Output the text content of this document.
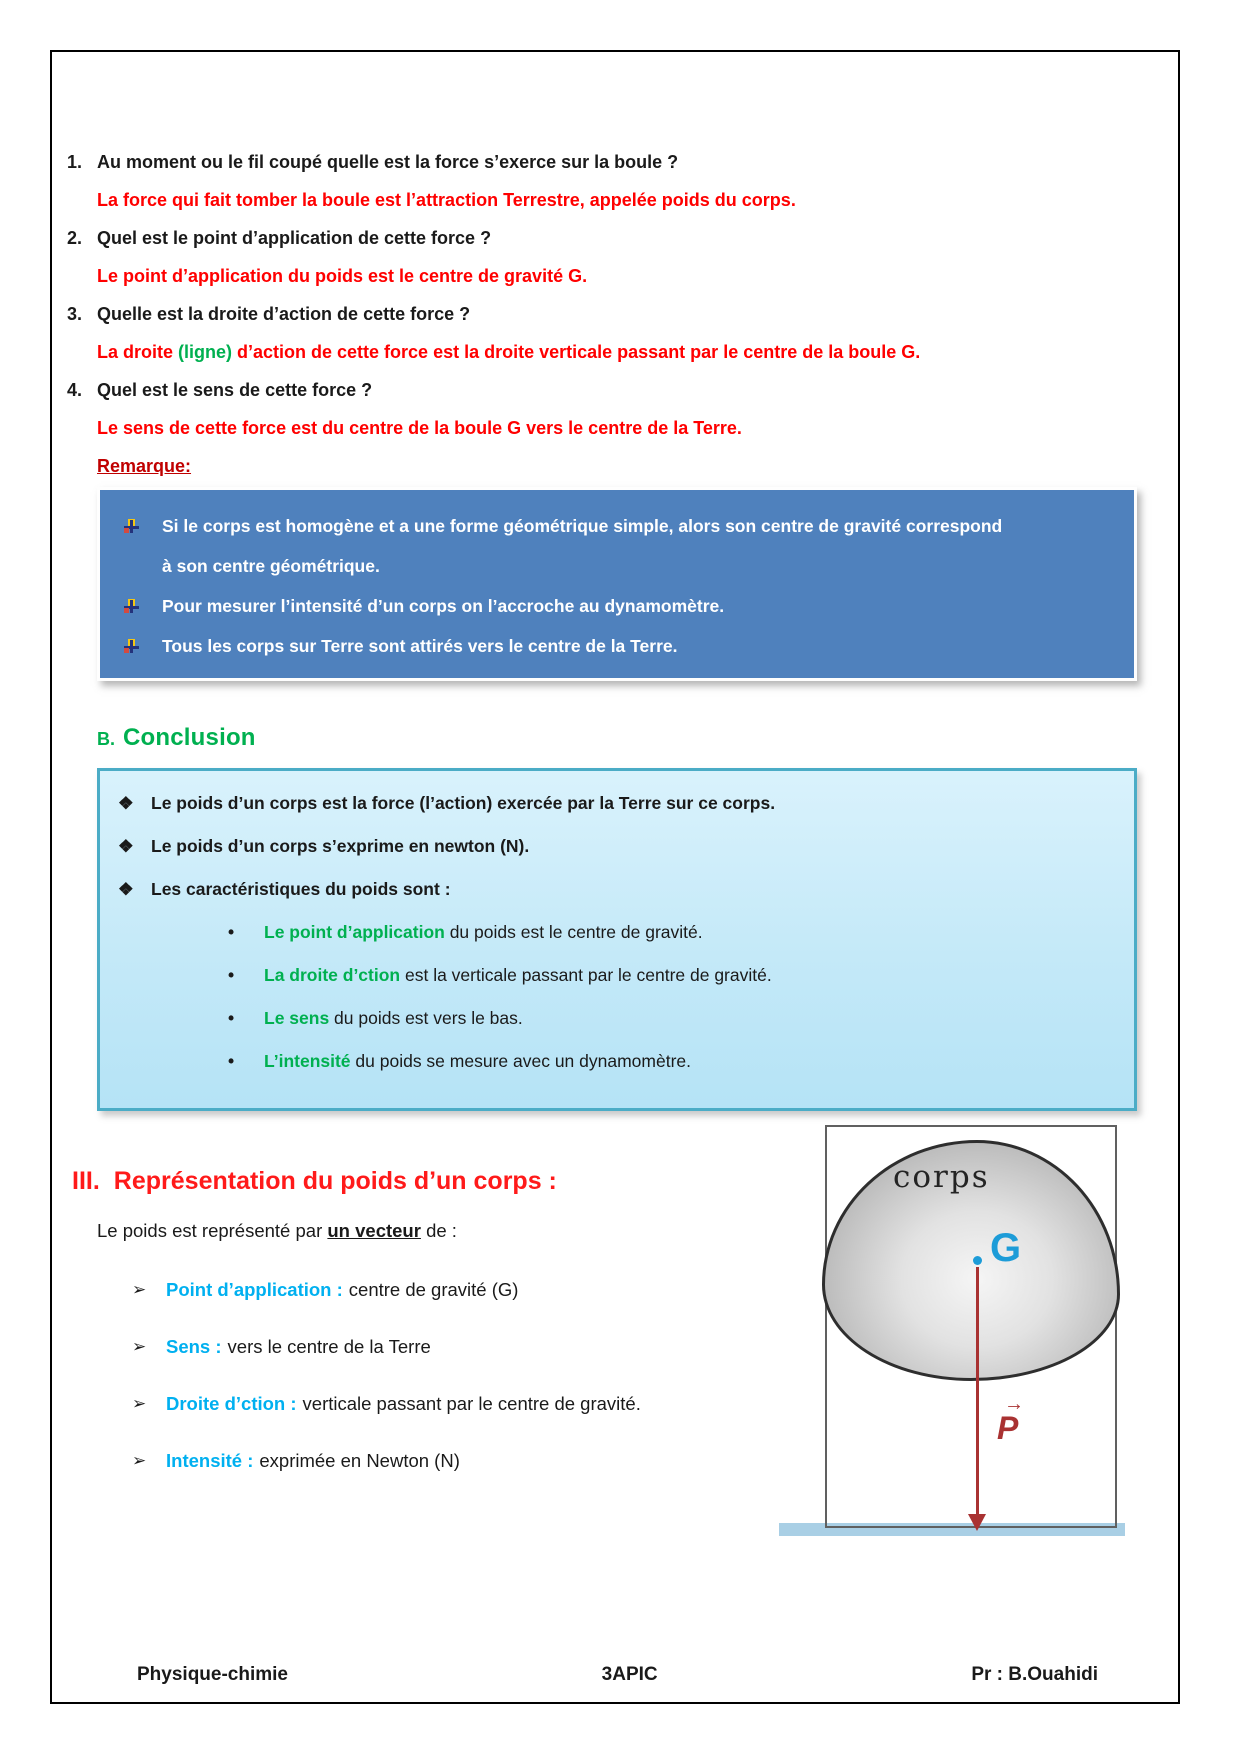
1. Au moment ou le fil coupé quelle est la force s’exerce sur la boule ?
La force qui fait tomber la boule est l’attraction Terrestre, appelée poids du corps.
2. Quel est le point d’application de cette force ?
Le point d’application du poids est le centre de gravité G.
3. Quelle est la droite d’action de cette force ?
La droite (ligne) d’action de cette force est la droite verticale passant par le centre de la boule G.
4. Quel est le sens de cette force ?
Le sens de cette force est du centre de la boule G vers le centre de la Terre.
Remarque:
Si le corps est homogène et a une forme géométrique simple, alors son centre de gravité correspond
à son centre géométrique.
Pour mesurer l’intensité d’un corps on l’accroche au dynamomètre.
Tous les corps sur Terre sont attirés vers le centre de la Terre.
B. Conclusion
❖ Le poids d’un corps est la force (l’action) exercée par la Terre sur ce corps.
❖ Le poids d’un corps s’exprime en newton (N).
❖ Les caractéristiques du poids sont :
•	Le point d’application du poids est le centre de gravité.
•	La droite d’ction est la verticale passant par le centre de gravité.
•	Le sens du poids est vers le bas.
•	L’intensité du poids se mesure avec un dynamomètre.
III. Représentation du poids d’un corps :
Le poids est représenté par un vecteur de :
➢	Point d’application : centre de gravité (G)
➢	Sens : vers le centre de la Terre
➢	Droite d’ction : verticale passant par le centre de gravité.
➢	Intensité : exprimée en Newton (N)
corps
G
→
P
Physique-chimie	3APIC	Pr : B.Ouahidi
